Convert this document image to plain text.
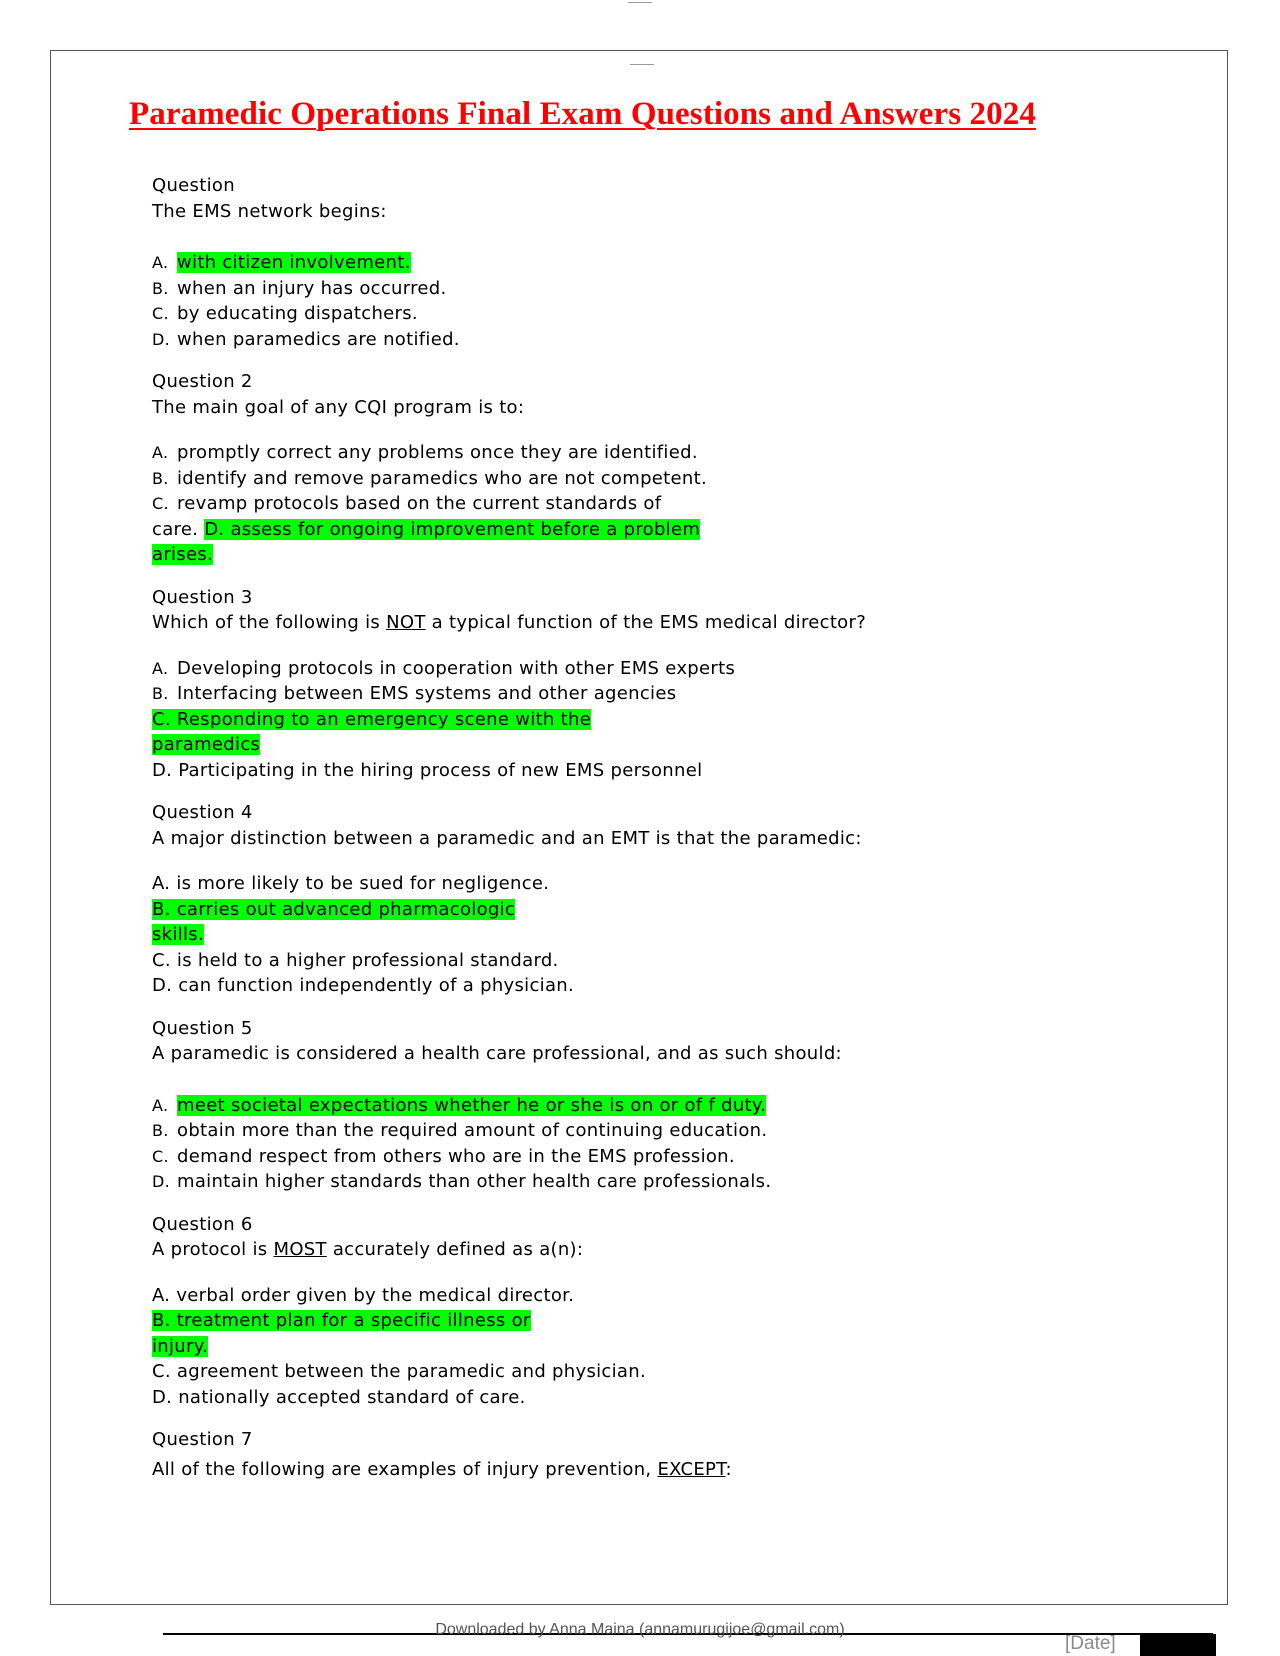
Paramedic Operations Final Exam Questions and Answers 2024

Question

The EMS network begins:

A. with citizen involvement.
B. when an injury has occurred.
C. by educating dispatchers.
D. when paramedics are notified.

Question 2

The main goal of any CQI program is to:

A. promptly correct any problems once they are identified.
B. identify and remove paramedics who are not competent.
C. revamp protocols based on the current standards of
care. D. assess for ongoing improvement before a problem
arises.

Question 3

Which of the following is NOT a typical function of the EMS medical director?

A. Developing protocols in cooperation with other EMS experts
B. Interfacing between EMS systems and other agencies
C. Responding to an emergency scene with the
paramedics
D. Participating in the hiring process of new EMS personnel

Question 4

A major distinction between a paramedic and an EMT is that the paramedic:

A. is more likely to be sued for negligence.
B. carries out advanced pharmacologic
skills.
C. is held to a higher professional standard.
D. can function independently of a physician.

Question 5

A paramedic is considered a health care professional, and as such should:

A. meet societal expectations whether he or she is on or of f duty.
B. obtain more than the required amount of continuing education.
C. demand respect from others who are in the EMS profession.
D. maintain higher standards than other health care professionals.

Question 6

A protocol is MOST accurately defined as a(n):

A. verbal order given by the medical director.
B. treatment plan for a specific illness or
injury.
C. agreement between the paramedic and physician.
D. nationally accepted standard of care.

Question 7

All of the following are examples of injury prevention, EXCEPT:

Downloaded by Anna Maina (annamurugijoe@gmail.com)
[Date]
